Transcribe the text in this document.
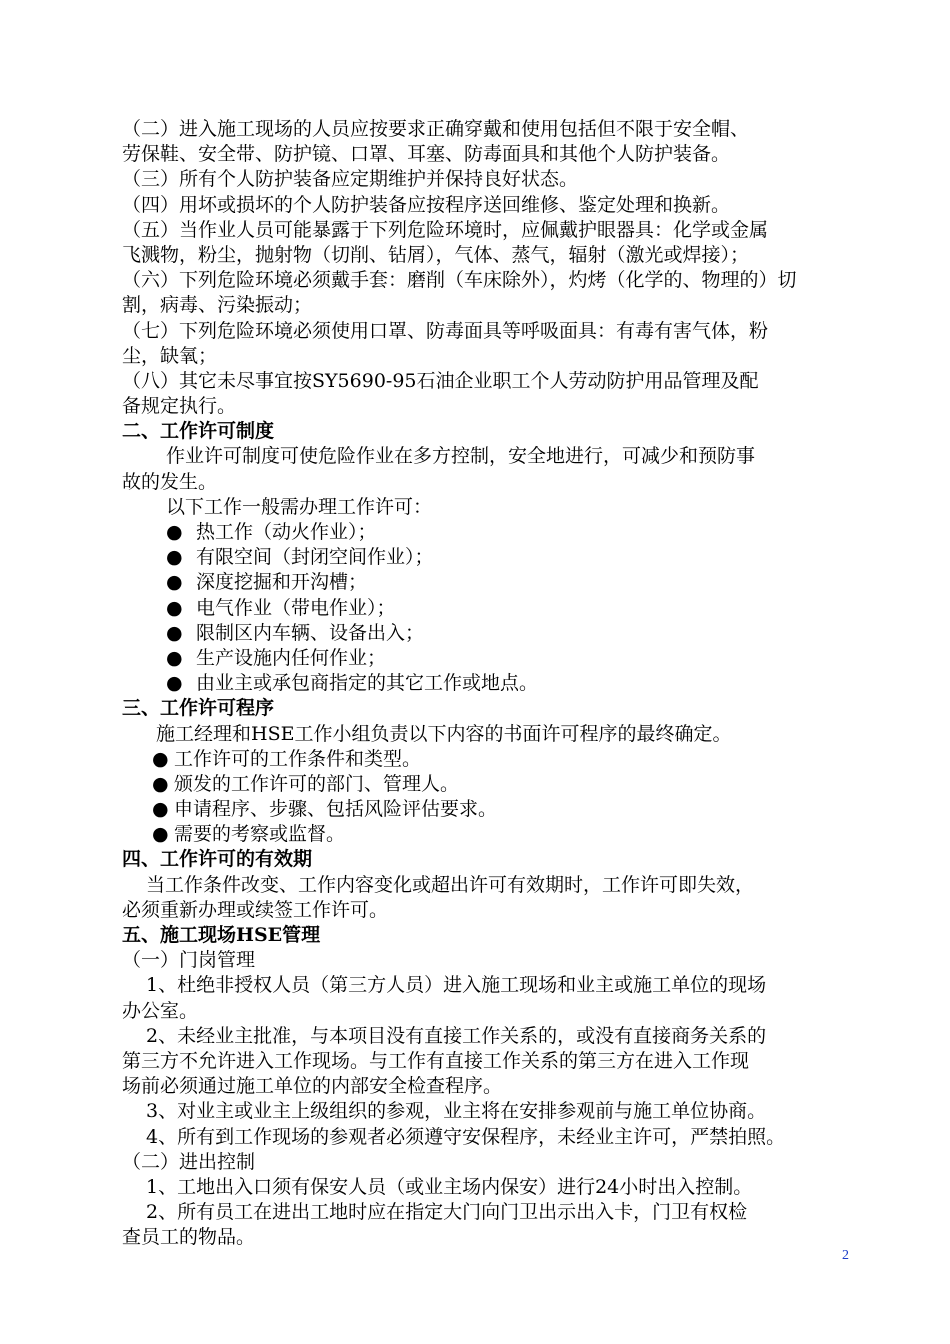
（二）进入施工现场的人员应按要求正确穿戴和使用包括但不限于安全帽、
劳保鞋、安全带、防护镜、口罩、耳塞、防毒面具和其他个人防护装备。
（三）所有个人防护装备应定期维护并保持良好状态。
（四）用坏或损坏的个人防护装备应按程序送回维修、鉴定处理和换新。
（五）当作业人员可能暴露于下列危险环境时，应佩戴护眼器具：化学或金属
飞溅物，粉尘，抛射物（切削、钻屑），气体、蒸气，辐射（激光或焊接）；
（六）下列危险环境必须戴手套：磨削（车床除外），灼烤（化学的、物理的）切
割，病毒、污染振动；
（七）下列危险环境必须使用口罩、防毒面具等呼吸面具：有毒有害气体，粉
尘，缺氧；
（八）其它未尽事宜按SY5690-95石油企业职工个人劳动防护用品管理及配
备规定执行。
二、工作许可制度
作业许可制度可使危险作业在多方控制，安全地进行，可减少和预防事
故的发生。
以下工作一般需办理工作许可：
● 热工作（动火作业）；
● 有限空间（封闭空间作业）；
● 深度挖掘和开沟槽；
● 电气作业（带电作业）；
● 限制区内车辆、设备出入；
● 生产设施内任何作业；
● 由业主或承包商指定的其它工作或地点。
三、工作许可程序
施工经理和HSE工作小组负责以下内容的书面许可程序的最终确定。
● 工作许可的工作条件和类型。
● 颁发的工作许可的部门、管理人。
● 申请程序、步骤、包括风险评估要求。
● 需要的考察或监督。
四、工作许可的有效期
当工作条件改变、工作内容变化或超出许可有效期时，工作许可即失效，
必须重新办理或续签工作许可。
五、施工现场HSE管理
（一）门岗管理
1、杜绝非授权人员（第三方人员）进入施工现场和业主或施工单位的现场
办公室。
2、未经业主批准，与本项目没有直接工作关系的，或没有直接商务关系的
第三方不允许进入工作现场。与工作有直接工作关系的第三方在进入工作现
场前必须通过施工单位的内部安全检查程序。
3、对业主或业主上级组织的参观，业主将在安排参观前与施工单位协商。
4、所有到工作现场的参观者必须遵守安保程序，未经业主许可，严禁拍照。
（二）进出控制
1、工地出入口须有保安人员（或业主场内保安）进行24小时出入控制。
2、所有员工在进出工地时应在指定大门向门卫出示出入卡，门卫有权检
查员工的物品。
2
